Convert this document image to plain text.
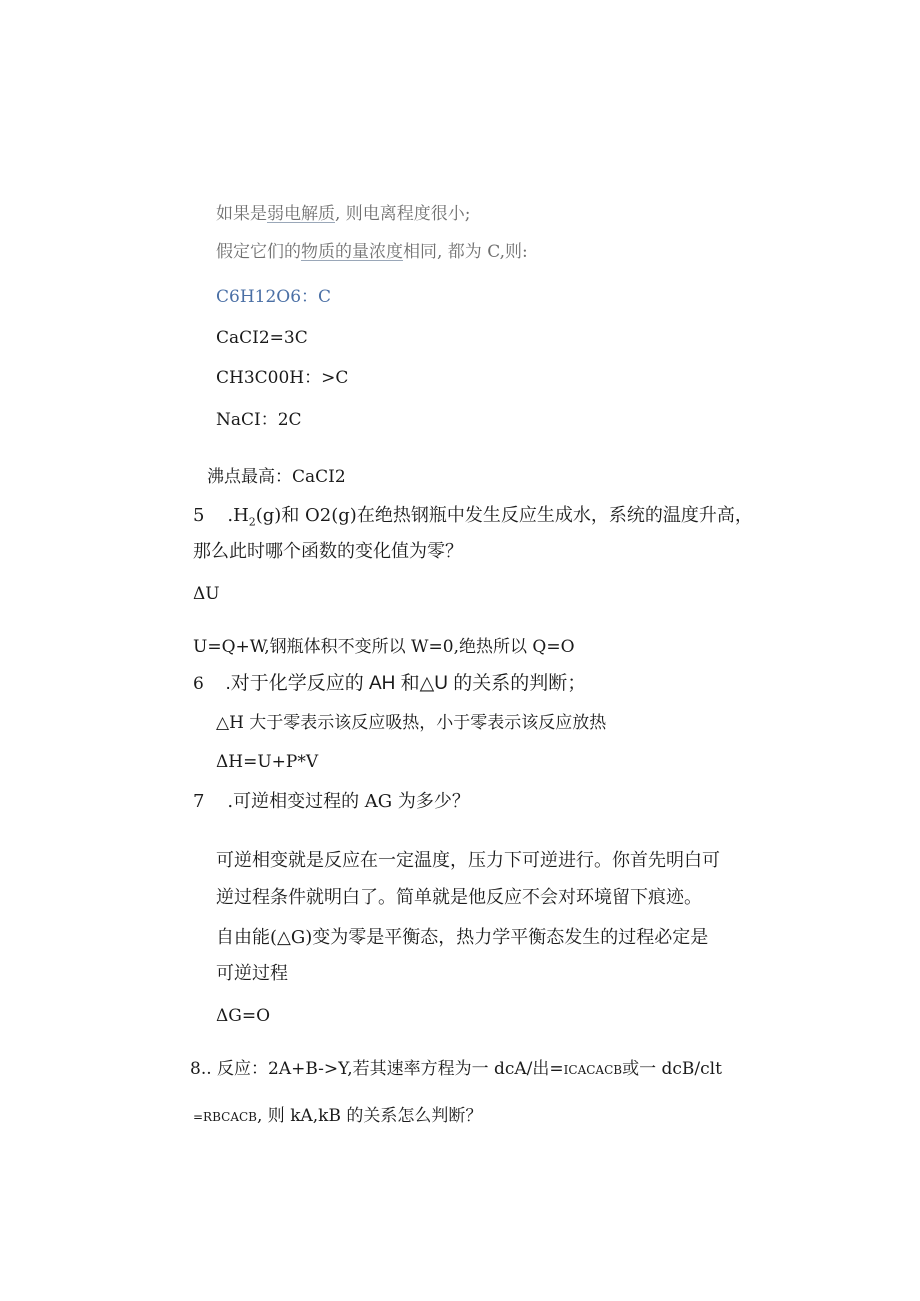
如果是弱电解质, 则电离程度很小;
假定它们的物质的量浓度相同, 都为 C,则:
C6H12O6：C
CaCI2=3C
CH3C00H：>C
NaCI：2C
沸点最高：CaCI2
5 $.H_2(g)$和 O2(g)在绝热钢瓶中发生反应生成水，系统的温度升高，
那么此时哪个函数的变化值为零？
ΔU
U=Q+W,钢瓶体积不变所以 W=0,绝热所以 Q=O
6 .对于化学反应的 AH 和△U 的关系的判断；
△H 大于零表示该反应吸热，小于零表示该反应放热
ΔH=U+P*V
7 .可逆相变过程的 AG 为多少？
可逆相变就是反应在一定温度，压力下可逆进行。你首先明白可
逆过程条件就明白了。简单就是他反应不会对环境留下痕迹。
自由能(△G)变为零是平衡态，热力学平衡态发生的过程必定是
可逆过程
ΔG=O
8.. 反应：2A+B->Y,若其速率方程为一 dcA/出=ICACACB或一 dcB/clt
=RBCACB, 则 kA,kB 的关系怎么判断？
